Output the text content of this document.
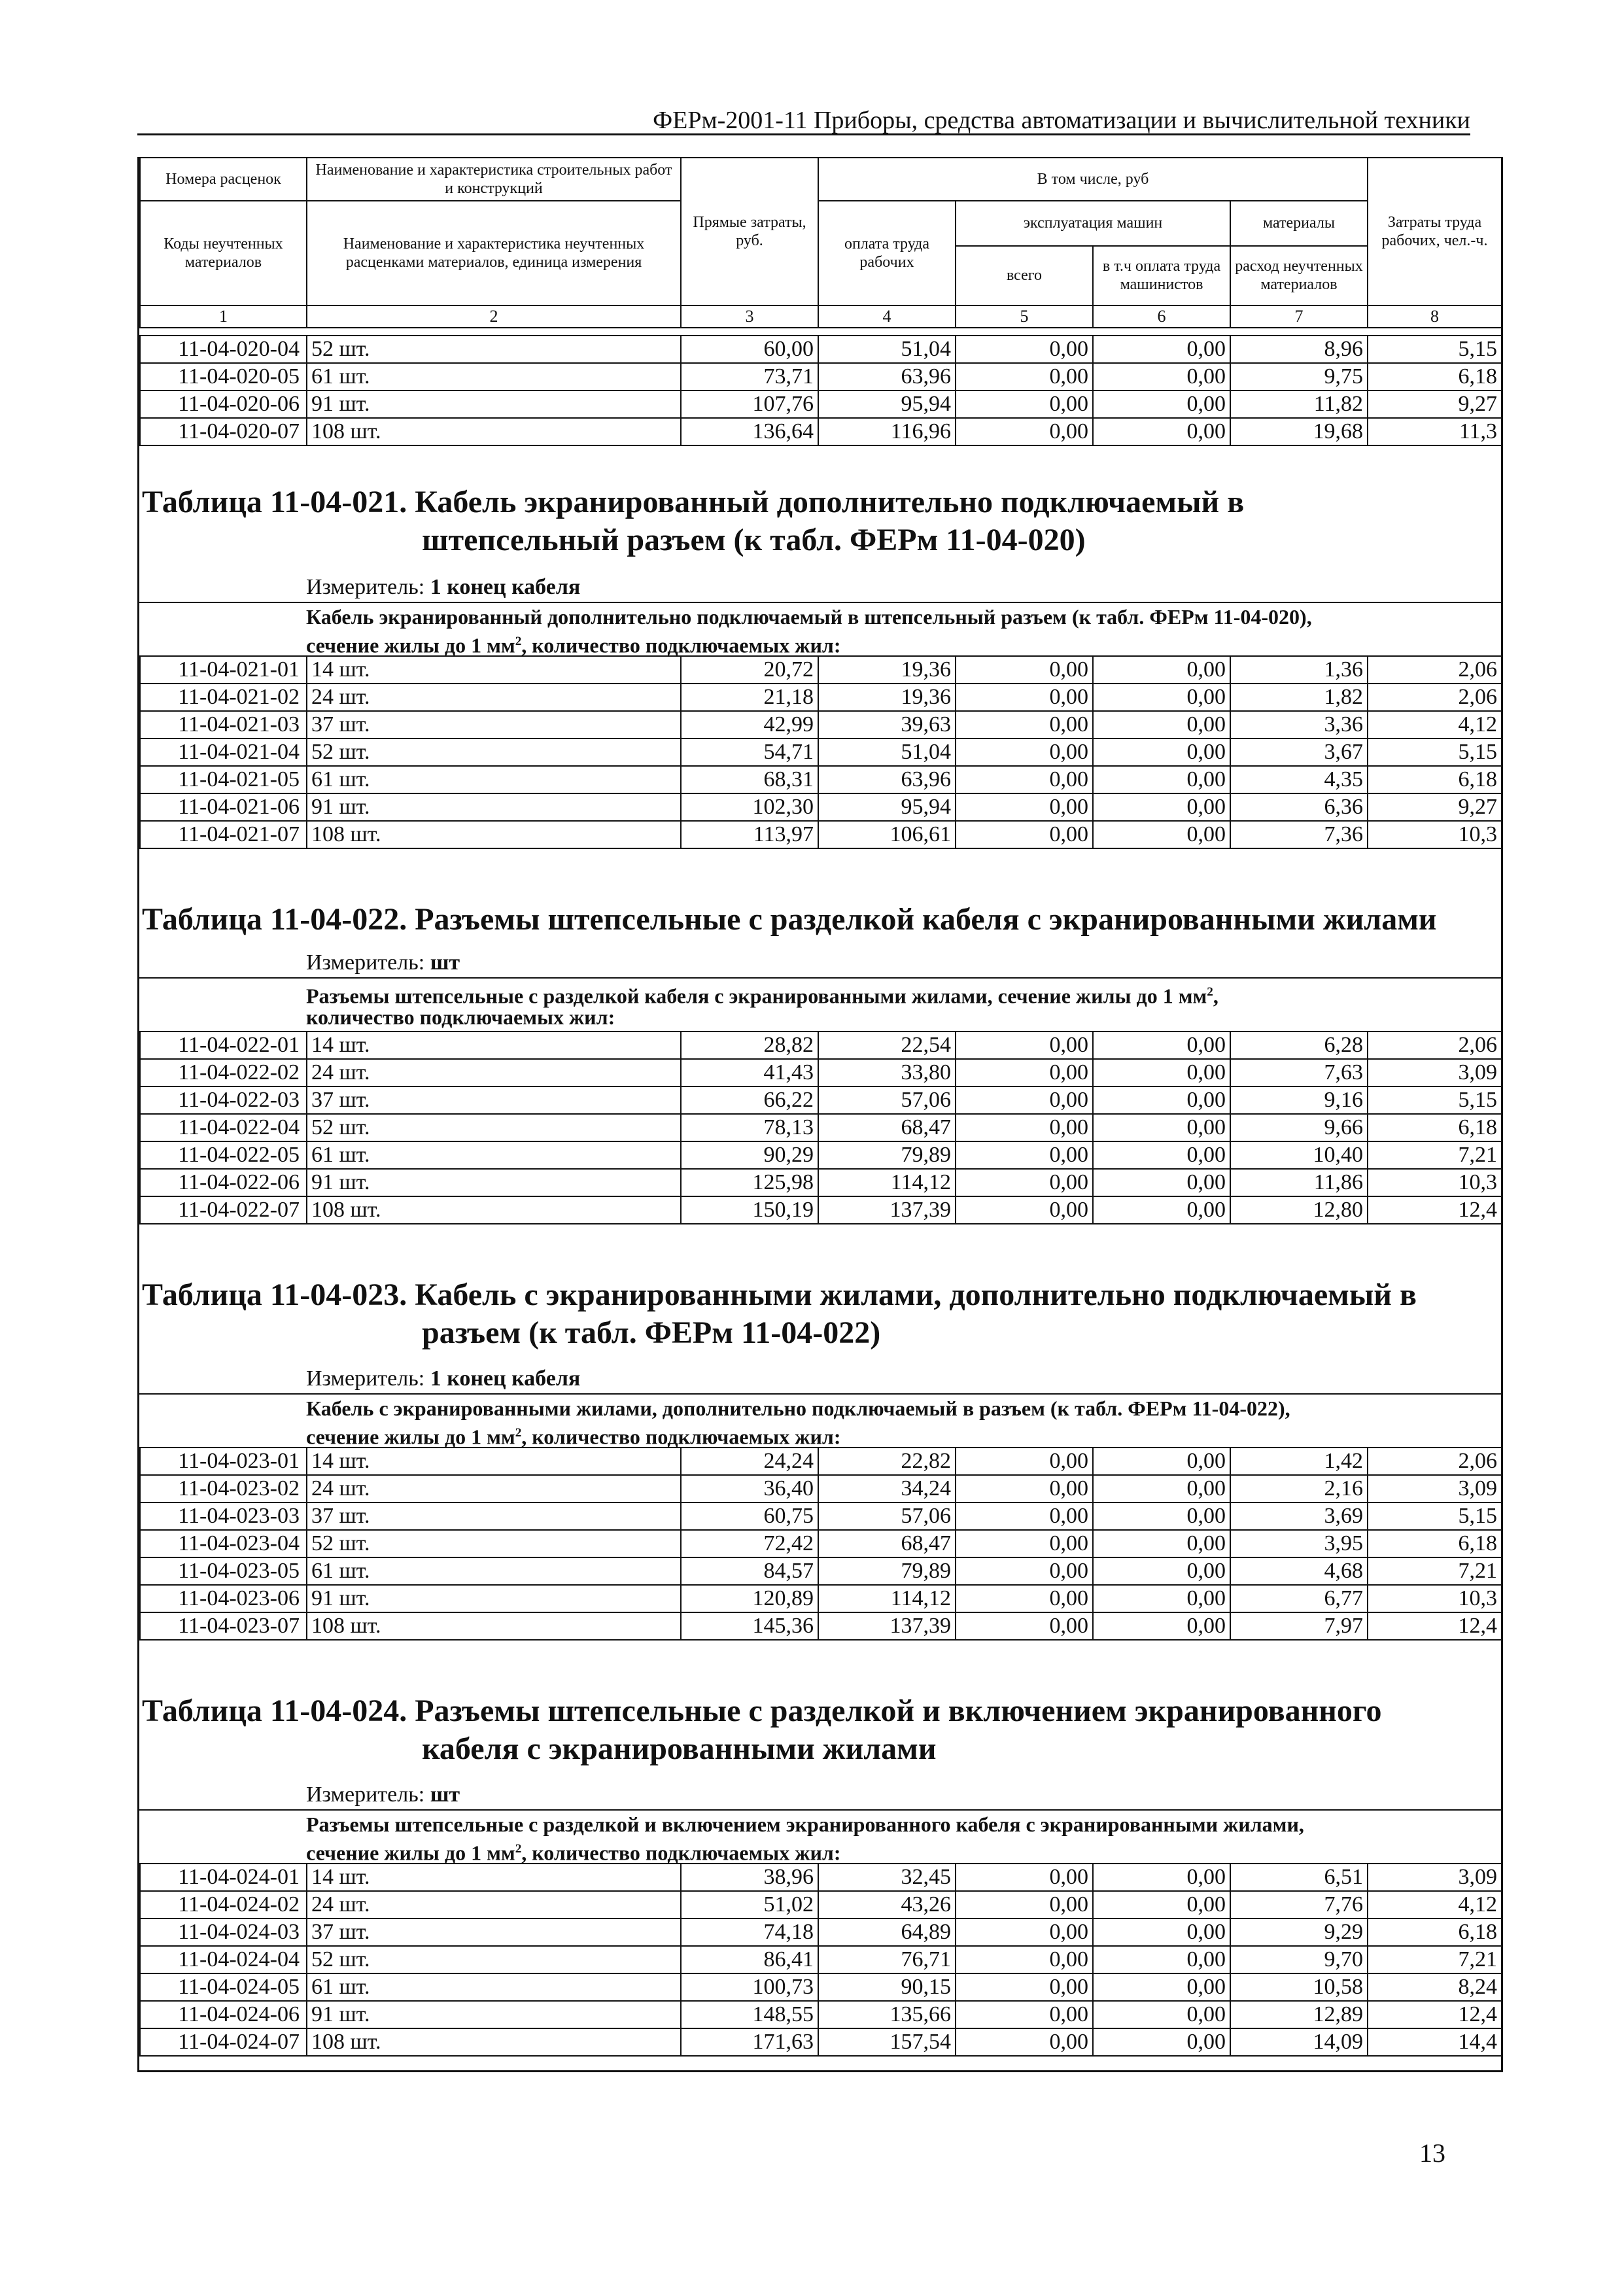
ФЕРм-2001-11 Приборы, средства автоматизации и вычислительной техники
Номера расценок	Наименование и характеристика строительных работ и конструкций	Прямые затраты, руб.	В том числе, руб				Затраты труда рабочих, чел.-ч.
Коды неучтенных материалов	Наименование и характеристика неучтенных расценками материалов, единица измерения		оплата труда рабочих	эксплуатация машин		материалы	
				всего	в т.ч оплата труда машинистов	расход неучтенных материалов	
1	2	3	4	5	6	7	8
11-04-020-04	52 шт.	60,00	51,04	0,00	0,00	8,96	5,15
11-04-020-05	61 шт.	73,71	63,96	0,00	0,00	9,75	6,18
11-04-020-06	91 шт.	107,76	95,94	0,00	0,00	11,82	9,27
11-04-020-07	108 шт.	136,64	116,96	0,00	0,00	19,68	11,3
Таблица 11-04-021. Кабель экранированный дополнительно подключаемый в
штепсельный разъем (к табл. ФЕРм 11-04-020)
Измеритель: 1 конец кабеля
Кабель экранированный дополнительно подключаемый в штепсельный разъем (к табл. ФЕРм 11-04-020),
сечение жилы до 1 $мм^2$, количество подключаемых жил:
11-04-021-01	14 шт.	20,72	19,36	0,00	0,00	1,36	2,06
11-04-021-02	24 шт.	21,18	19,36	0,00	0,00	1,82	2,06
11-04-021-03	37 шт.	42,99	39,63	0,00	0,00	3,36	4,12
11-04-021-04	52 шт.	54,71	51,04	0,00	0,00	3,67	5,15
11-04-021-05	61 шт.	68,31	63,96	0,00	0,00	4,35	6,18
11-04-021-06	91 шт.	102,30	95,94	0,00	0,00	6,36	9,27
11-04-021-07	108 шт.	113,97	106,61	0,00	0,00	7,36	10,3
Таблица 11-04-022. Разъемы штепсельные с разделкой кабеля с экранированными жилами
Измеритель: шт
Разъемы штепсельные с разделкой кабеля с экранированными жилами, сечение жилы до 1 $мм^2$,
количество подключаемых жил:
11-04-022-01	14 шт.	28,82	22,54	0,00	0,00	6,28	2,06
11-04-022-02	24 шт.	41,43	33,80	0,00	0,00	7,63	3,09
11-04-022-03	37 шт.	66,22	57,06	0,00	0,00	9,16	5,15
11-04-022-04	52 шт.	78,13	68,47	0,00	0,00	9,66	6,18
11-04-022-05	61 шт.	90,29	79,89	0,00	0,00	10,40	7,21
11-04-022-06	91 шт.	125,98	114,12	0,00	0,00	11,86	10,3
11-04-022-07	108 шт.	150,19	137,39	0,00	0,00	12,80	12,4
Таблица 11-04-023. Кабель с экранированными жилами, дополнительно подключаемый в
разъем (к табл. ФЕРм 11-04-022)
Измеритель: 1 конец кабеля
Кабель с экранированными жилами, дополнительно подключаемый в разъем (к табл. ФЕРм 11-04-022),
сечение жилы до 1 $мм^2$, количество подключаемых жил:
11-04-023-01	14 шт.	24,24	22,82	0,00	0,00	1,42	2,06
11-04-023-02	24 шт.	36,40	34,24	0,00	0,00	2,16	3,09
11-04-023-03	37 шт.	60,75	57,06	0,00	0,00	3,69	5,15
11-04-023-04	52 шт.	72,42	68,47	0,00	0,00	3,95	6,18
11-04-023-05	61 шт.	84,57	79,89	0,00	0,00	4,68	7,21
11-04-023-06	91 шт.	120,89	114,12	0,00	0,00	6,77	10,3
11-04-023-07	108 шт.	145,36	137,39	0,00	0,00	7,97	12,4
Таблица 11-04-024. Разъемы штепсельные с разделкой и включением экранированного
кабеля с экранированными жилами
Измеритель: шт
Разъемы штепсельные с разделкой и включением экранированного кабеля с экранированными жилами,
сечение жилы до 1 $мм^2$, количество подключаемых жил:
11-04-024-01	14 шт.	38,96	32,45	0,00	0,00	6,51	3,09
11-04-024-02	24 шт.	51,02	43,26	0,00	0,00	7,76	4,12
11-04-024-03	37 шт.	74,18	64,89	0,00	0,00	9,29	6,18
11-04-024-04	52 шт.	86,41	76,71	0,00	0,00	9,70	7,21
11-04-024-05	61 шт.	100,73	90,15	0,00	0,00	10,58	8,24
11-04-024-06	91 шт.	148,55	135,66	0,00	0,00	12,89	12,4
11-04-024-07	108 шт.	171,63	157,54	0,00	0,00	14,09	14,4
13
